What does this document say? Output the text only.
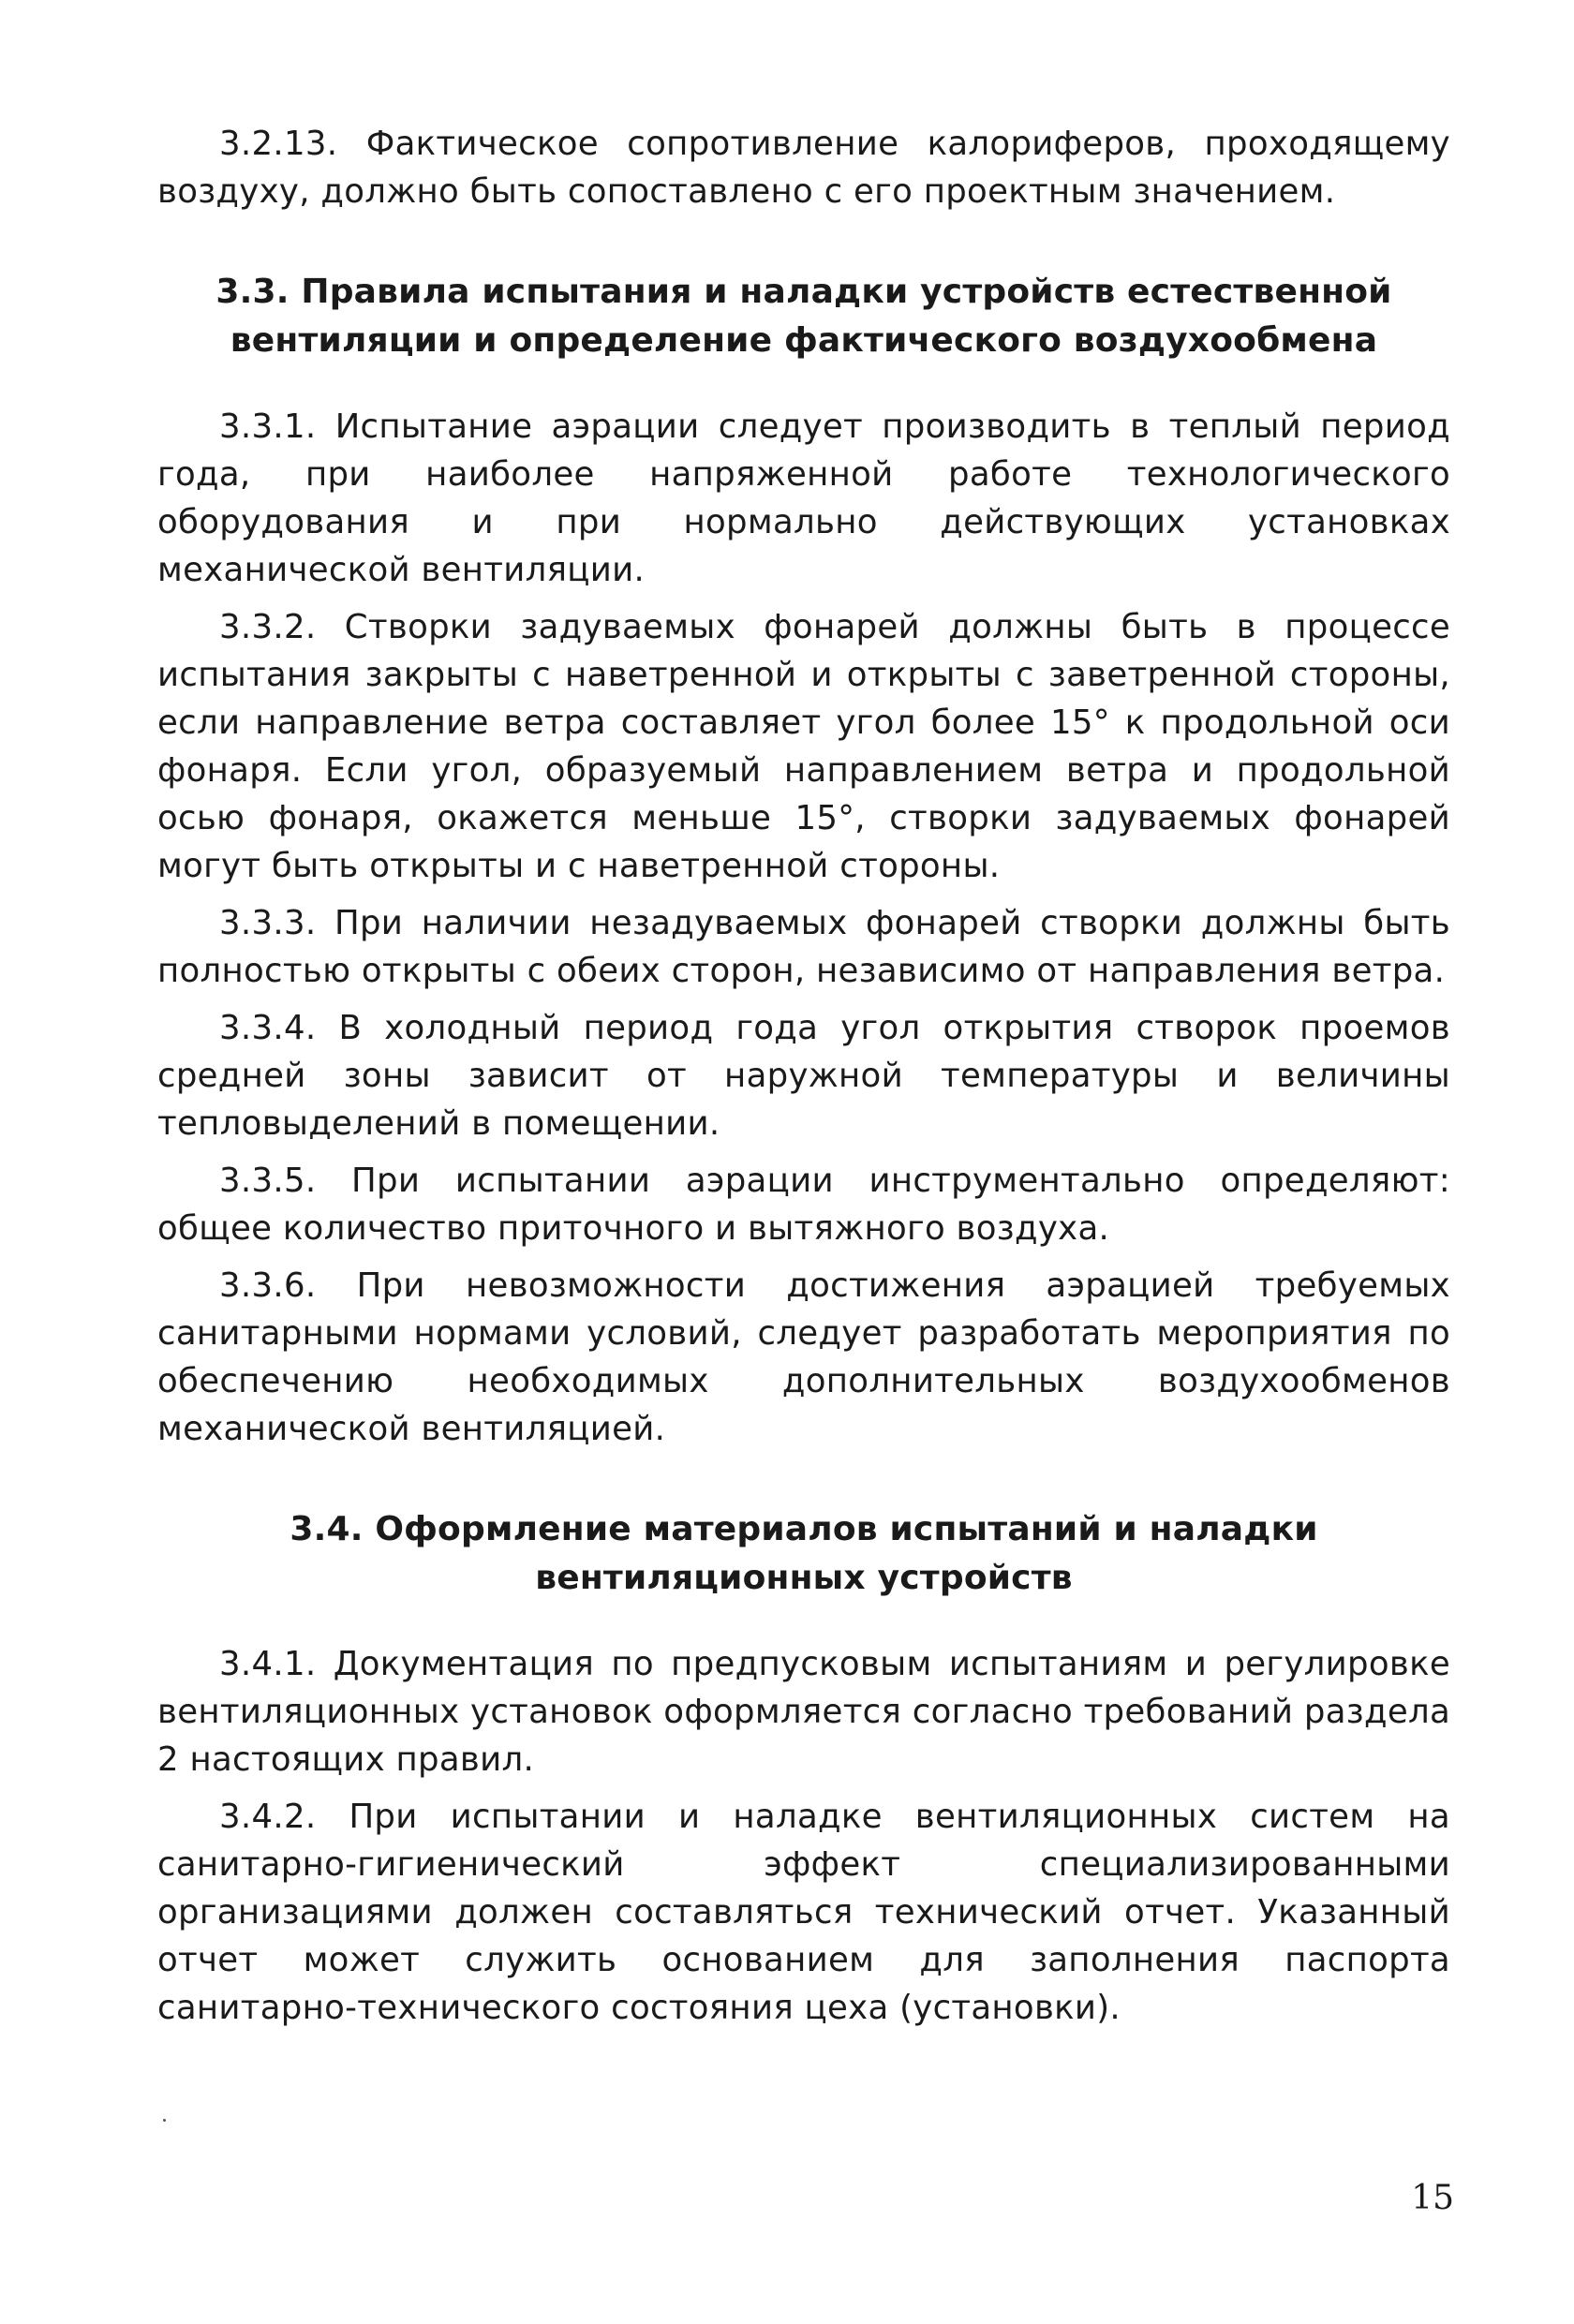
3.2.13. Фактическое сопротивление калориферов, проходящему воздуху, должно быть сопоставлено с его проектным значением.

3.3. Правила испытания и наладки устройств естественной
вентиляции и определение фактического воздухообмена

3.3.1. Испытание аэрации следует производить в теплый период года, при наиболее напряженной работе технологического оборудования и при нормально действующих установках механической вентиляции.

3.3.2. Створки задуваемых фонарей должны быть в процессе испытания закрыты с наветренной и открыты с заветренной стороны, если направление ветра составляет угол более 15° к продольной оси фонаря. Если угол, образуемый направлением ветра и продольной осью фонаря, окажется меньше 15°, створки задуваемых фонарей могут быть открыты и с наветренной стороны.

3.3.3. При наличии незадуваемых фонарей створки должны быть полностью открыты с обеих сторон, независимо от направления ветра.

3.3.4. В холодный период года угол открытия створок проемов средней зоны зависит от наружной температуры и величины тепловыделений в помещении.

3.3.5. При испытании аэрации инструментально определяют: общее количество приточного и вытяжного воздуха.

3.3.6. При невозможности достижения аэрацией требуемых санитарными нормами условий, следует разработать мероприятия по обеспечению необходимых дополнительных воздухообменов механической вентиляцией.

3.4. Оформление материалов испытаний и наладки
вентиляционных устройств

3.4.1. Документация по предпусковым испытаниям и регулировке вентиляционных установок оформляется согласно требований раздела 2 настоящих правил.

3.4.2. При испытании и наладке вентиляционных систем на санитарно-гигиенический эффект специализированными организациями должен составляться технический отчет. Указанный отчет может служить основанием для заполнения паспорта санитарно-технического состояния цеха (установки).

15
